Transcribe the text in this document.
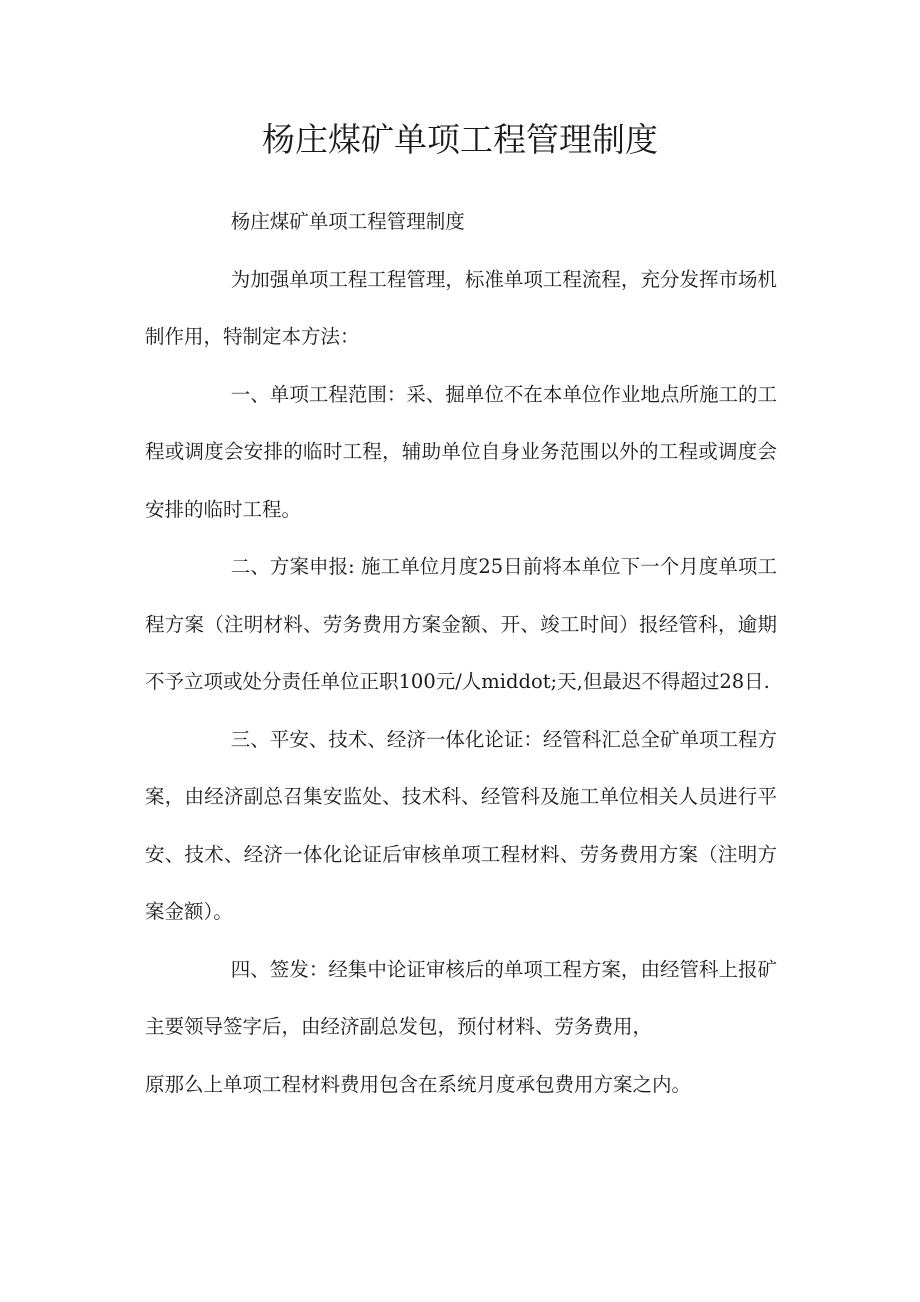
杨庄煤矿单项工程管理制度

杨庄煤矿单项工程管理制度

为加强单项工程工程管理，标准单项工程流程，充分发挥市场机制作用，特制定本方法：

一、单项工程范围：采、掘单位不在本单位作业地点所施工的工程或调度会安排的临时工程，辅助单位自身业务范围以外的工程或调度会安排的临时工程。

二、方案申报: 施工单位月度25日前将本单位下一个月度单项工程方案（注明材料、劳务费用方案金额、开、竣工时间）报经管科，逾期不予立项或处分责任单位正职100元/人middot;天,但最迟不得超过28日.

三、平安、技术、经济一体化论证：经管科汇总全矿单项工程方案，由经济副总召集安监处、技术科、经管科及施工单位相关人员进行平安、技术、经济一体化论证后审核单项工程材料、劳务费用方案（注明方案金额）。

四、签发：经集中论证审核后的单项工程方案，由经管科上报矿主要领导签字后，由经济副总发包，预付材料、劳务费用，

原那么上单项工程材料费用包含在系统月度承包费用方案之内。
